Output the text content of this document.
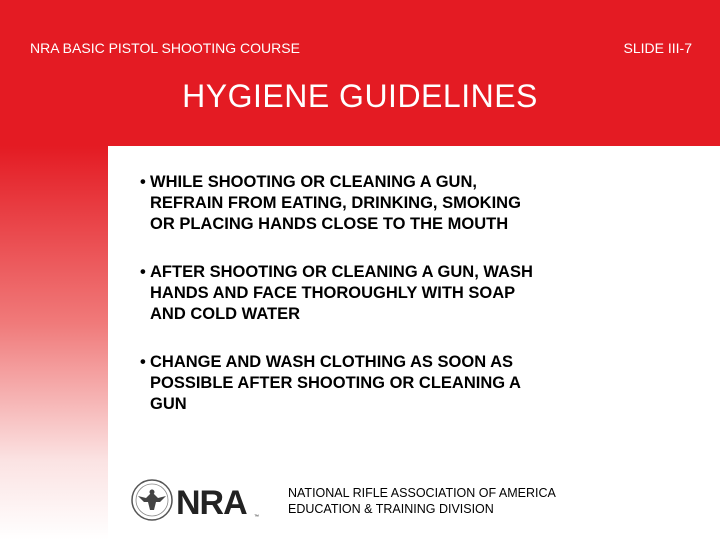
NRA BASIC PISTOL SHOOTING COURSE	SLIDE III-7
HYGIENE GUIDELINES
• WHILE SHOOTING OR CLEANING A GUN,
REFRAIN FROM EATING, DRINKING, SMOKING
OR PLACING HANDS CLOSE TO THE MOUTH
• AFTER SHOOTING OR CLEANING A GUN, WASH
HANDS AND FACE THOROUGHLY WITH SOAP
AND COLD WATER
• CHANGE AND WASH CLOTHING AS SOON AS
POSSIBLE AFTER SHOOTING OR CLEANING A
GUN
NRA ™
NATIONAL RIFLE ASSOCIATION OF AMERICA
EDUCATION & TRAINING DIVISION
